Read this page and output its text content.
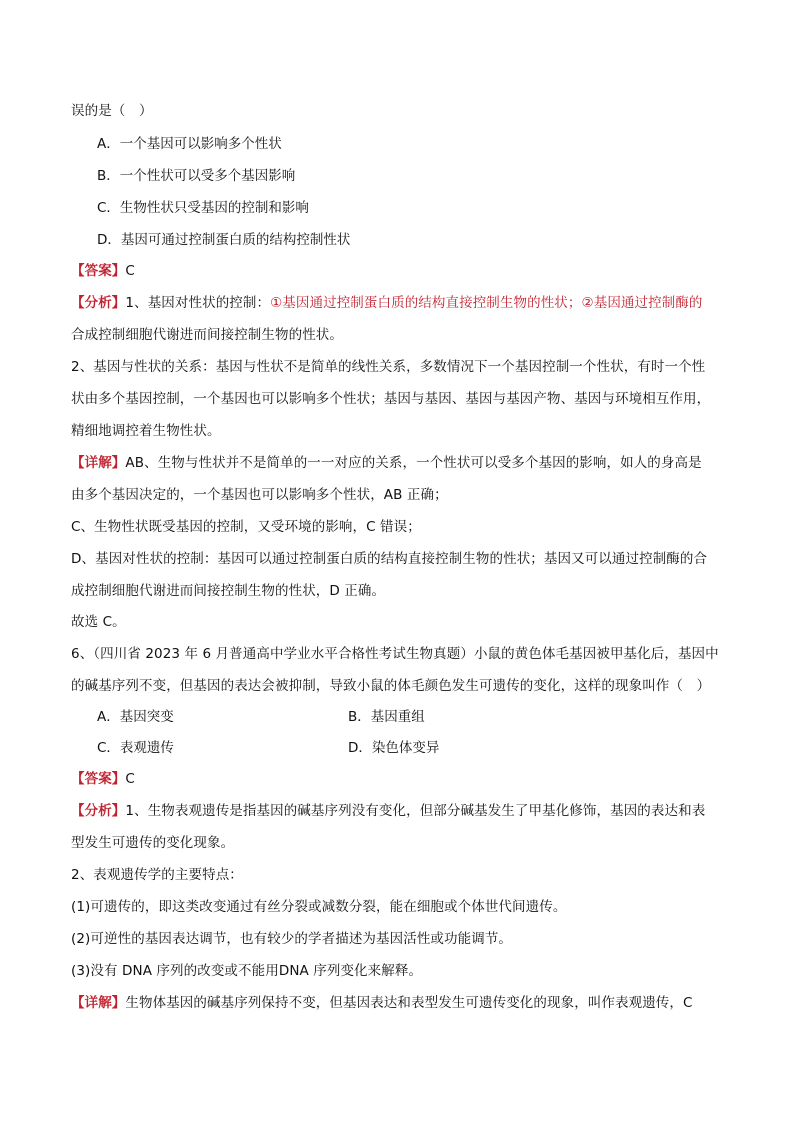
误的是（　）
A．一个基因可以影响多个性状
B．一个性状可以受多个基因影响
C．生物性状只受基因的控制和影响
D．基因可通过控制蛋白质的结构控制性状
【答案】C
【分析】1、基因对性状的控制：①基因通过控制蛋白质的结构直接控制生物的性状；②基因通过控制酶的
合成控制细胞代谢进而间接控制生物的性状。
2、基因与性状的关系：基因与性状不是简单的线性关系，多数情况下一个基因控制一个性状，有时一个性
状由多个基因控制，一个基因也可以影响多个性状；基因与基因、基因与基因产物、基因与环境相互作用，
精细地调控着生物性状。
【详解】AB、生物与性状并不是简单的一一对应的关系，一个性状可以受多个基因的影响，如人的身高是
由多个基因决定的，一个基因也可以影响多个性状，AB 正确；
C、生物性状既受基因的控制，又受环境的影响，C 错误；
D、基因对性状的控制：基因可以通过控制蛋白质的结构直接控制生物的性状；基因又可以通过控制酶的合
成控制细胞代谢进而间接控制生物的性状，D 正确。
故选 C。
6、（四川省 2023 年 6 月普通高中学业水平合格性考试生物真题）小鼠的黄色体毛基因被甲基化后，基因中
的碱基序列不变，但基因的表达会被抑制，导致小鼠的体毛颜色发生可遗传的变化，这样的现象叫作（　）
A．基因突变	B．基因重组
C．表观遗传	D．染色体变异
【答案】C
【分析】1、生物表观遗传是指基因的碱基序列没有变化，但部分碱基发生了甲基化修饰，基因的表达和表
型发生可遗传的变化现象。
2、表观遗传学的主要特点：
(1)可遗传的，即这类改变通过有丝分裂或减数分裂，能在细胞或个体世代间遗传。
(2)可逆性的基因表达调节，也有较少的学者描述为基因活性或功能调节。
(3)没有 DNA 序列的改变或不能用DNA 序列变化来解释。
【详解】生物体基因的碱基序列保持不变，但基因表达和表型发生可遗传变化的现象，叫作表观遗传，C
